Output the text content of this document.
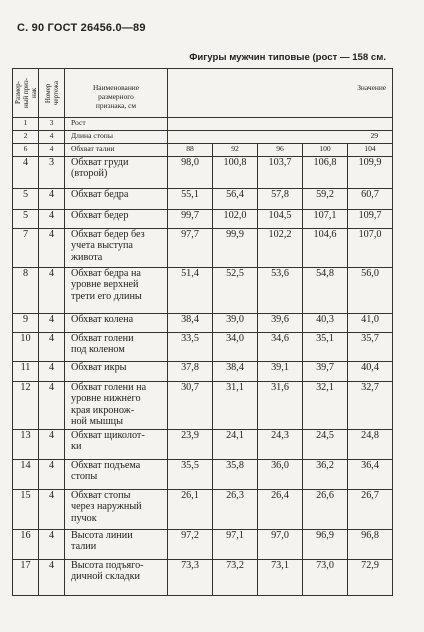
С. 90 ГОСТ 26456.0—89
Фигуры мужчин типовые (рост — 158 см.
Размер-
ный приз-
нак	Номер
чертежа	Наименование
размерного
признака, см	Значение				
1	3	Рост					
2	4	Длина стопы	29				
6	4	Обхват талии	88	92	96	100	104
4	3	Обхват груди
(второй)	98,0	100,8	103,7	106,8	109,9
5	4	Обхват бедра	55,1	56,4	57,8	59,2	60,7
5	4	Обхват бедер	99,7	102,0	104,5	107,1	109,7
7	4	Обхват бедер без
учета выступа
живота	97,7	99,9	102,2	104,6	107,0
8	4	Обхват бедра на
уровне верхней
трети его длины	51,4	52,5	53,6	54,8	56,0
9	4	Обхват колена	38,4	39,0	39,6	40,3	41,0
10	4	Обхват голени
под коленом	33,5	34,0	34,6	35,1	35,7
11	4	Обхват икры	37,8	38,4	39,1	39,7	40,4
12	4	Обхват голени на
уровне нижнего
края икронож-
ной мышцы	30,7	31,1	31,6	32,1	32,7
13	4	Обхват щиколот-
ки	23,9	24,1	24,3	24,5	24,8
14	4	Обхват подъема
стопы	35,5	35,8	36,0	36,2	36,4
15	4	Обхват стопы
через наружный
пучок	26,1	26,3	26,4	26,6	26,7
16	4	Высота линии
талии	97,2	97,1	97,0	96,9	96,8
17	4	Высота подъяго-
дичной складки	73,3	73,2	73,1	73,0	72,9
